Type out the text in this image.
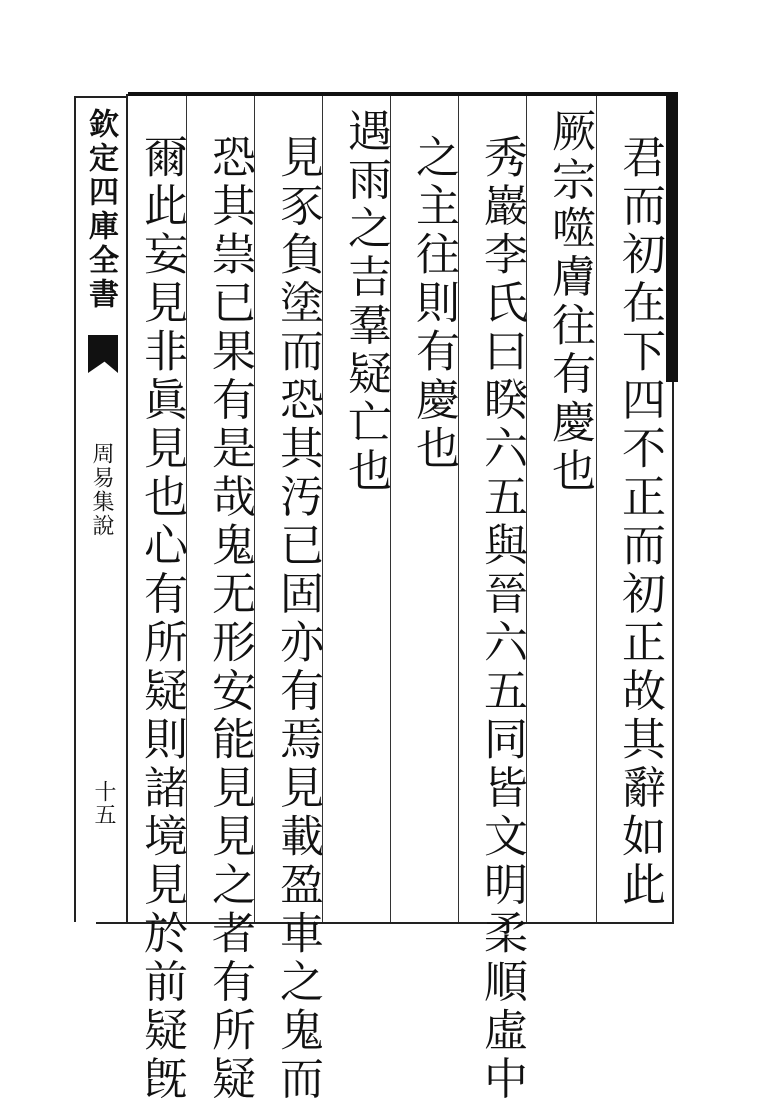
欽定四庫全書
周易集說
十五	君而初在下四不正而初正故其辭如此
厥宗噬膚往有慶也
秀巖李氏曰睽六五與晉六五同皆文明柔順虛中
之主往則有慶也
遇雨之吉羣疑亡也
見豕負塗而恐其汚已固亦有焉見載盈車之鬼而
恐其祟已果有是哉鬼无形安能見見之者有所疑
爾此妄見非眞見也心有所疑則諸境見於前疑旣
